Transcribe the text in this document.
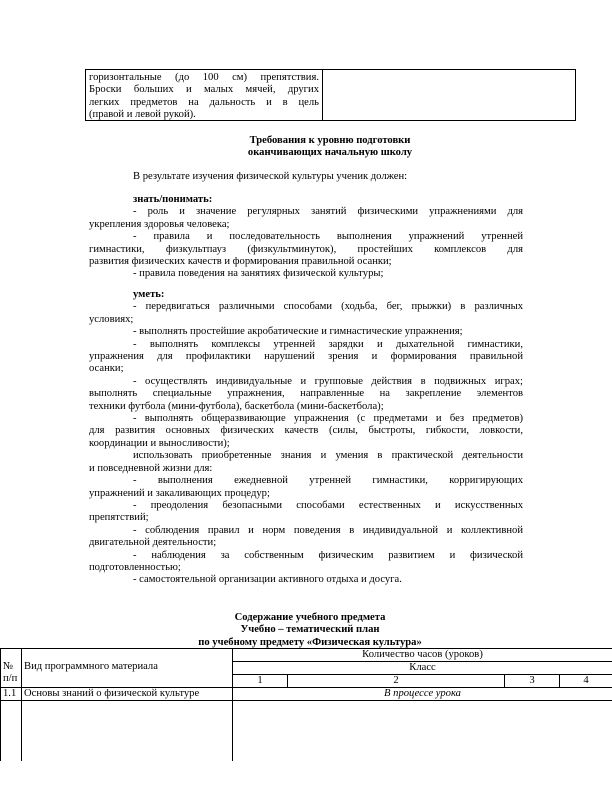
горизонтальные (до 100 см) препятствия.
Броски больших и малых мячей, других
легких предметов на дальность и в цель
(правой и левой рукой).
Требования к уровню подготовки
оканчивающих начальную школу
В результате изучения физической культуры ученик должен:
знать/понимать:
- роль и значение регулярных занятий физическими упражнениями для
укрепления здоровья человека;
- правила и последовательность выполнения упражнений утренней
гимнастики, физкультпауз (физкультминуток), простейших комплексов для
развития физических качеств и формирования правильной осанки;
- правила поведения на занятиях физической культуры;
уметь:
- передвигаться различными способами (ходьба, бег, прыжки) в различных
условиях;
- выполнять простейшие акробатические и гимнастические упражнения;
- выполнять комплексы утренней зарядки и дыхательной гимнастики,
упражнения для профилактики нарушений зрения и формирования правильной
осанки;
- осуществлять индивидуальные и групповые действия в подвижных играх;
выполнять специальные упражнения, направленные на закрепление элементов
техники футбола (мини-футбола), баскетбола (мини-баскетбола);
- выполнять общеразвивающие упражнения (с предметами и без предметов)
для развития основных физических качеств (силы, быстроты, гибкости, ловкости,
координации и выносливости);
использовать приобретенные знания и умения в практической деятельности
и повседневной жизни для:
- выполнения ежедневной утренней гимнастики, корригирующих
упражнений и закаливающих процедур;
- преодоления безопасными способами естественных и искусственных
препятствий;
- соблюдения правил и норм поведения в индивидуальной и коллективной
двигательной деятельности;
- наблюдения за собственным физическим развитием и физической
подготовленностью;
- самостоятельной организации активного отдыха и досуга.
Содержание учебного предмета
Учебно – тематический план
по учебному предмету «Физическая культура»
№
п/п	Вид программного материала	Количество часов (уроков)			
		Класс			
		1	2	3	4
1.1	Основы знаний о физической культуре	В процессе урока			
